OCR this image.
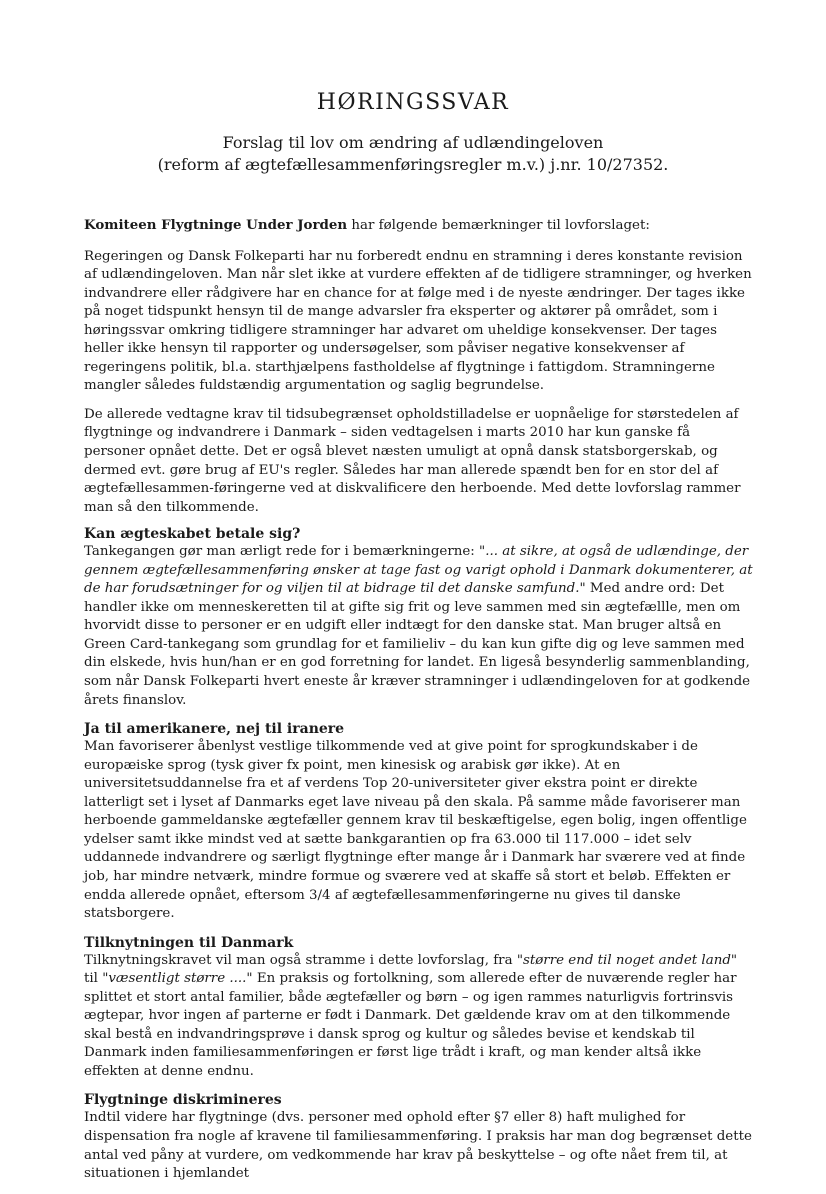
HØRINGSSVAR
Forslag til lov om ændring af udlændingeloven
(reform af ægtefællesammenføringsregler m.v.) j.nr. 10/27352.

Komiteen Flygtninge Under Jorden har følgende bemærkninger til lovforslaget:

Regeringen og Dansk Folkeparti har nu forberedt endnu en stramning i deres konstante revision af udlændingeloven. Man når slet ikke at vurdere effekten af de tidligere stramninger, og hverken indvandrere eller rådgivere har en chance for at følge med i de nyeste ændringer. Der tages ikke på noget tidspunkt hensyn til de mange advarsler fra eksperter og aktører på området, som i høringssvar omkring tidligere stramninger har advaret om uheldige konsekvenser. Der tages heller ikke hensyn til rapporter og undersøgelser, som påviser negative konsekvenser af regeringens politik, bl.a. starthjælpens fastholdelse af flygtninge i fattigdom. Stramningerne mangler således fuldstændig argumentation og saglig begrundelse.

De allerede vedtagne krav til tidsubegrænset opholdstilladelse er uopnåelige for størstedelen af flygtninge og indvandrere i Danmark – siden vedtagelsen i marts 2010 har kun ganske få personer opnået dette. Det er også blevet næsten umuligt at opnå dansk statsborgerskab, og dermed evt. gøre brug af EU's regler. Således har man allerede spændt ben for en stor del af ægtefællesammen-føringerne ved at diskvalificere den herboende. Med dette lovforslag rammer man så den tilkommende.

Kan ægteskabet betale sig?

Tankegangen gør man ærligt rede for i bemærkningerne: "... at sikre, at også de udlændinge, der gennem ægtefællesammenføring ønsker at tage fast og varigt ophold i Danmark dokumenterer, at de har forudsætninger for og viljen til at bidrage til det danske samfund." Med andre ord: Det handler ikke om menneskeretten til at gifte sig frit og leve sammen med sin ægtefællle, men om hvorvidt disse to personer er en udgift eller indtægt for den danske stat. Man bruger altså en Green Card-tankegang som grundlag for et familieliv – du kan kun gifte dig og leve sammen med din elskede, hvis hun/han er en god forretning for landet. En ligeså besynderlig sammenblanding, som når Dansk Folkeparti hvert eneste år kræver stramninger i udlændingeloven for at godkende årets finanslov.

Ja til amerikanere, nej til iranere

Man favoriserer åbenlyst vestlige tilkommende ved at give point for sprogkundskaber i de europæiske sprog (tysk giver fx point, men kinesisk og arabisk gør ikke). At en universitetsuddannelse fra et af verdens Top 20-universiteter giver ekstra point er direkte latterligt set i lyset af Danmarks eget lave niveau på den skala. På samme måde favoriserer man herboende gammeldanske ægtefæller gennem krav til beskæftigelse, egen bolig, ingen offentlige ydelser samt ikke mindst ved at sætte bankgarantien op fra 63.000 til 117.000 – idet selv uddannede indvandrere og særligt flygtninge efter mange år i Danmark har sværere ved at finde job, har mindre netværk, mindre formue og sværere ved at skaffe så stort et beløb. Effekten er endda allerede opnået, eftersom 3/4 af ægtefællesammenføringerne nu gives til danske statsborgere.

Tilknytningen til Danmark

Tilknytningskravet vil man også stramme i dette lovforslag, fra "større end til noget andet land" til "væsentligt større ...." En praksis og fortolkning, som allerede efter de nuværende regler har splittet et stort antal familier, både ægtefæller og børn – og igen rammes naturligvis fortrinsvis ægtepar, hvor ingen af parterne er født i Danmark. Det gældende krav om at den tilkommende skal bestå en indvandringsprøve i dansk sprog og kultur og således bevise et kendskab til Danmark inden familiesammenføringen er først lige trådt i kraft, og man kender altså ikke effekten at denne endnu.

Flygtninge diskrimineres

Indtil videre har flygtninge (dvs. personer med ophold efter §7 eller 8) haft mulighed for dispensation fra nogle af kravene til familiesammenføring. I praksis har man dog begrænset dette antal ved påny at vurdere, om vedkommende har krav på beskyttelse – og ofte nået frem til, at situationen i hjemlandet
